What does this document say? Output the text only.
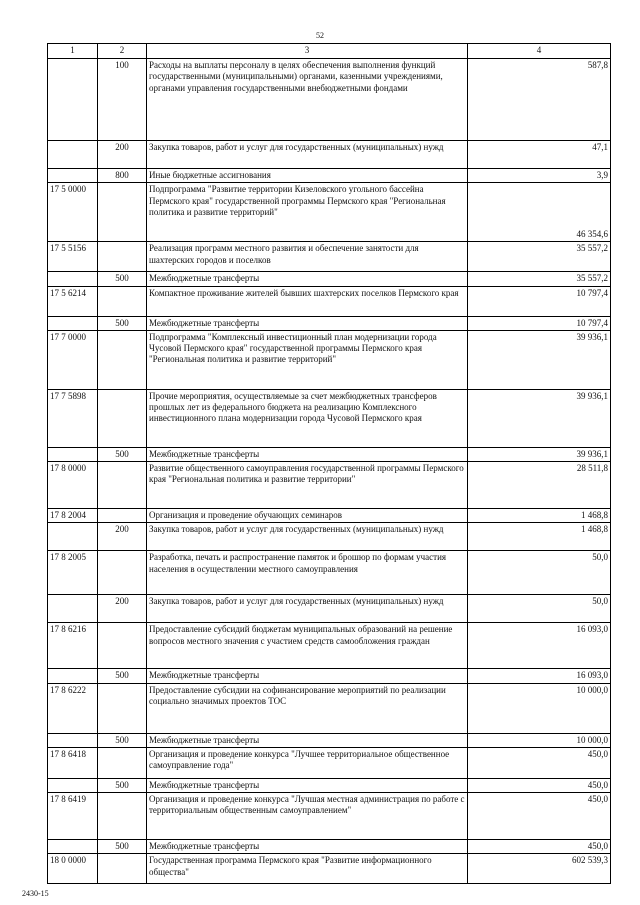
52
1	2	3	4
	100	Расходы на выплаты персоналу в целях обеспечения выполнения функций государственными (муниципальными) органами, казенными учреждениями, органами управления государственными внебюджетными фондами	587,8
	200	Закупка товаров, работ и услуг для государственных (муниципальных) нужд	47,1
	800	Иные бюджетные ассигнования	3,9
17 5 0000		Подпрограмма "Развитие территории Кизеловского угольного бассейна Пермского края" государственной программы Пермского края "Региональная политика и развитие территорий"	46 354,6
17 5 5156		Реализация программ местного развития и обеспечение занятости для шахтерских городов и поселков	35 557,2
	500	Межбюджетные трансферты	35 557,2
17 5 6214		Компактное проживание жителей бывших шахтерских поселков Пермского края	10 797,4
	500	Межбюджетные трансферты	10 797,4
17 7 0000		Подпрограмма "Комплексный инвестиционный план модернизации города Чусовой Пермского края" государственной программы Пермского края "Региональная политика и развитие территорий"	39 936,1
17 7 5898		Прочие мероприятия, осуществляемые за счет межбюджетных трансферов прошлых лет из федерального бюджета на реализацию Комплексного инвестиционного плана модернизации города Чусовой Пермского края	39 936,1
	500	Межбюджетные трансферты	39 936,1
17 8 0000		Развитие общественного самоуправления государственной программы Пермского края "Региональная политика и развитие территории"	28 511,8
17 8 2004		Организация и проведение обучающих семинаров	1 468,8
	200	Закупка товаров, работ и услуг для государственных (муниципальных) нужд	1 468,8
17 8 2005		Разработка, печать и распространение памяток и брошюр по формам участия населения в осуществлении местного самоуправления	50,0
	200	Закупка товаров, работ и услуг для государственных (муниципальных) нужд	50,0
17 8 6216		Предоставление субсидий бюджетам муниципальных образований на решение вопросов местного значения с участием средств самообложения граждан	16 093,0
	500	Межбюджетные трансферты	16 093,0
17 8 6222		Предоставление субсидии на софинансирование мероприятий по реализации социально значимых проектов ТОС	10 000,0
	500	Межбюджетные трансферты	10 000,0
17 8 6418		Организация и проведение конкурса "Лучшее территориальное общественное самоуправление года"	450,0
	500	Межбюджетные трансферты	450,0
17 8 6419		Организация и проведение конкурса "Лучшая местная администрация по работе с территориальным общественным самоуправлением"	450,0
	500	Межбюджетные трансферты	450,0
18 0 0000		Государственная программа Пермского края "Развитие информационного общества"	602 539,3
2430-15
